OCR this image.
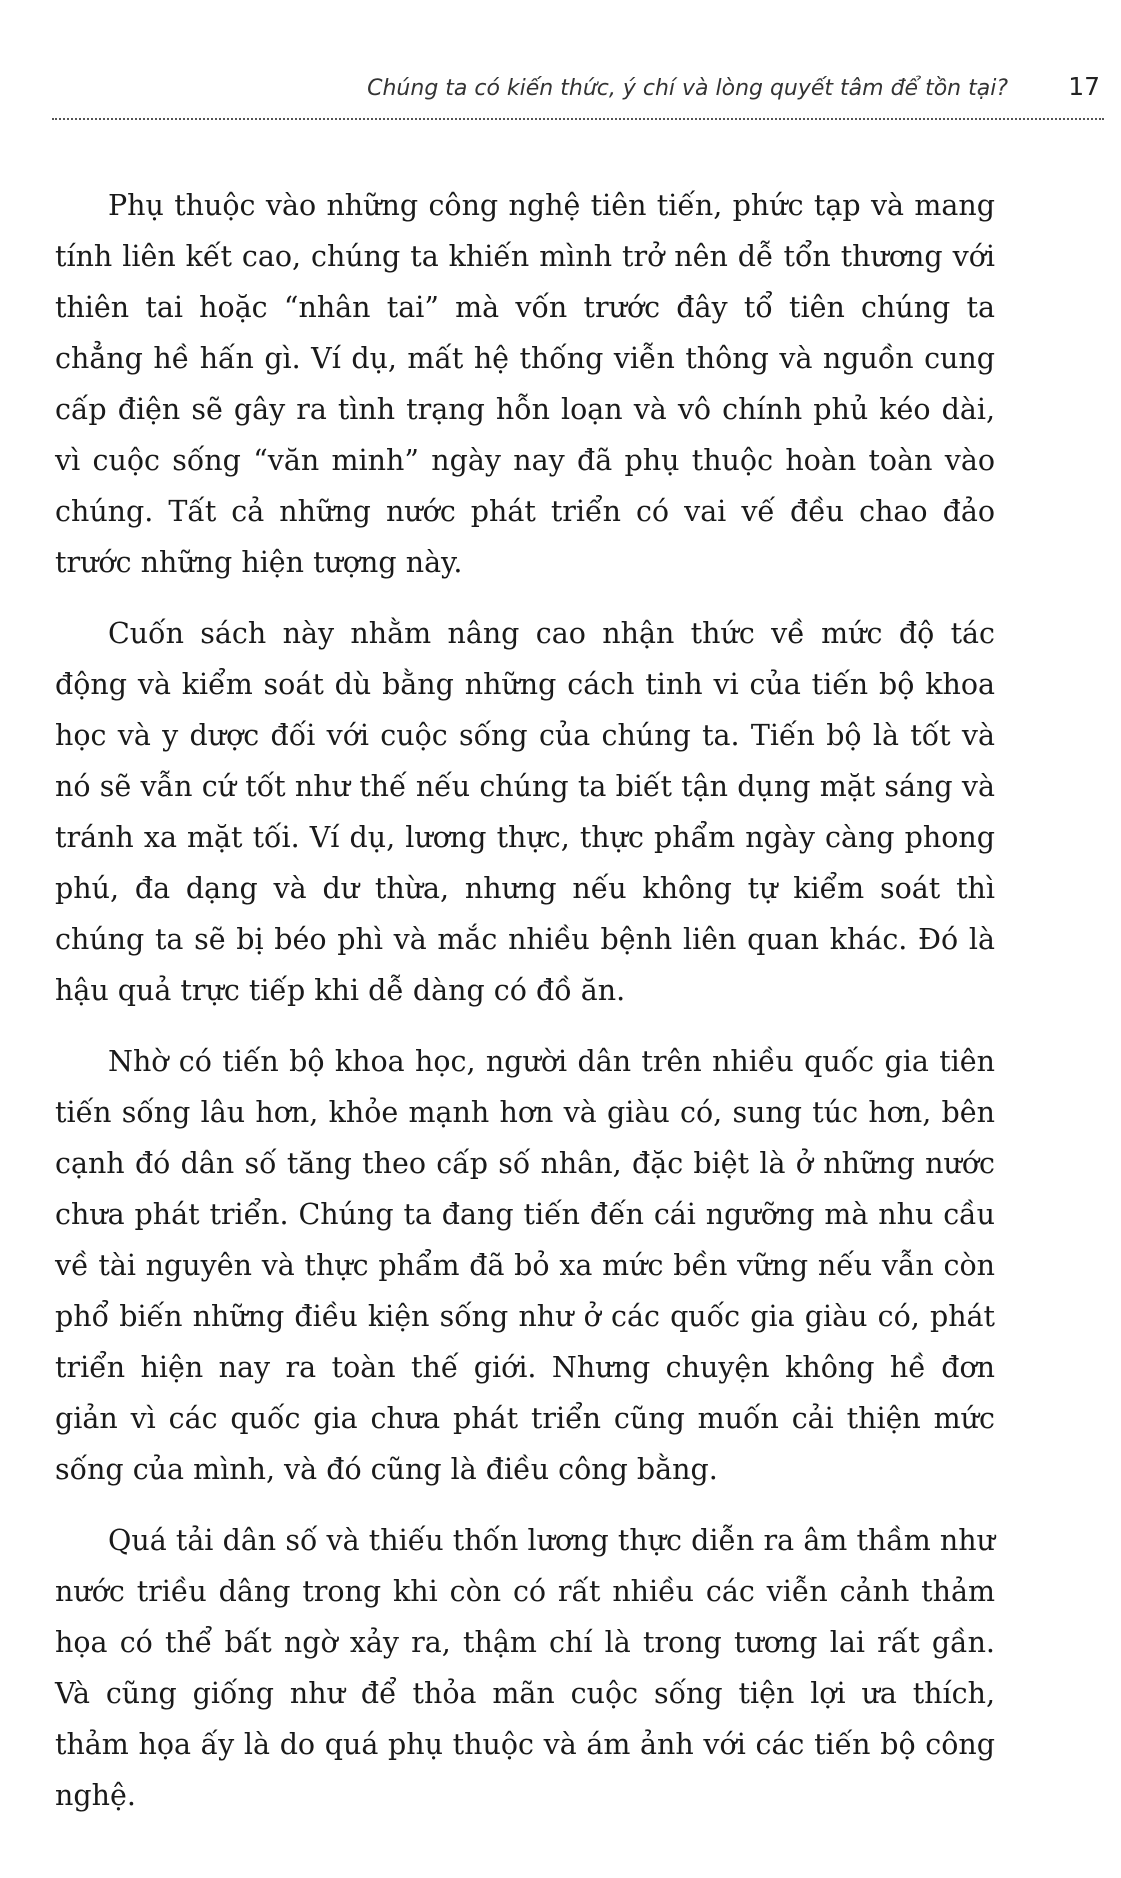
Chúng ta có kiến thức, ý chí và lòng quyết tâm để tồn tại? 17

Phụ thuộc vào những công nghệ tiên tiến, phức tạp và mang tính liên kết cao, chúng ta khiến mình trở nên dễ tổn thương với thiên tai hoặc “nhân tai” mà vốn trước đây tổ tiên chúng ta chẳng hề hấn gì. Ví dụ, mất hệ thống viễn thông và nguồn cung cấp điện sẽ gây ra tình trạng hỗn loạn và vô chính phủ kéo dài, vì cuộc sống “văn minh” ngày nay đã phụ thuộc hoàn toàn vào chúng. Tất cả những nước phát triển có vai vế đều chao đảo trước những hiện tượng này.

Cuốn sách này nhằm nâng cao nhận thức về mức độ tác động và kiểm soát dù bằng những cách tinh vi của tiến bộ khoa học và y dược đối với cuộc sống của chúng ta. Tiến bộ là tốt và nó sẽ vẫn cứ tốt như thế nếu chúng ta biết tận dụng mặt sáng và tránh xa mặt tối. Ví dụ, lương thực, thực phẩm ngày càng phong phú, đa dạng và dư thừa, nhưng nếu không tự kiểm soát thì chúng ta sẽ bị béo phì và mắc nhiều bệnh liên quan khác. Đó là hậu quả trực tiếp khi dễ dàng có đồ ăn.

Nhờ có tiến bộ khoa học, người dân trên nhiều quốc gia tiên tiến sống lâu hơn, khỏe mạnh hơn và giàu có, sung túc hơn, bên cạnh đó dân số tăng theo cấp số nhân, đặc biệt là ở những nước chưa phát triển. Chúng ta đang tiến đến cái ngưỡng mà nhu cầu về tài nguyên và thực phẩm đã bỏ xa mức bền vững nếu vẫn còn phổ biến những điều kiện sống như ở các quốc gia giàu có, phát triển hiện nay ra toàn thế giới. Nhưng chuyện không hề đơn giản vì các quốc gia chưa phát triển cũng muốn cải thiện mức sống của mình, và đó cũng là điều công bằng.

Quá tải dân số và thiếu thốn lương thực diễn ra âm thầm như nước triều dâng trong khi còn có rất nhiều các viễn cảnh thảm họa có thể bất ngờ xảy ra, thậm chí là trong tương lai rất gần. Và cũng giống như để thỏa mãn cuộc sống tiện lợi ưa thích, thảm họa ấy là do quá phụ thuộc và ám ảnh với các tiến bộ công nghệ.
